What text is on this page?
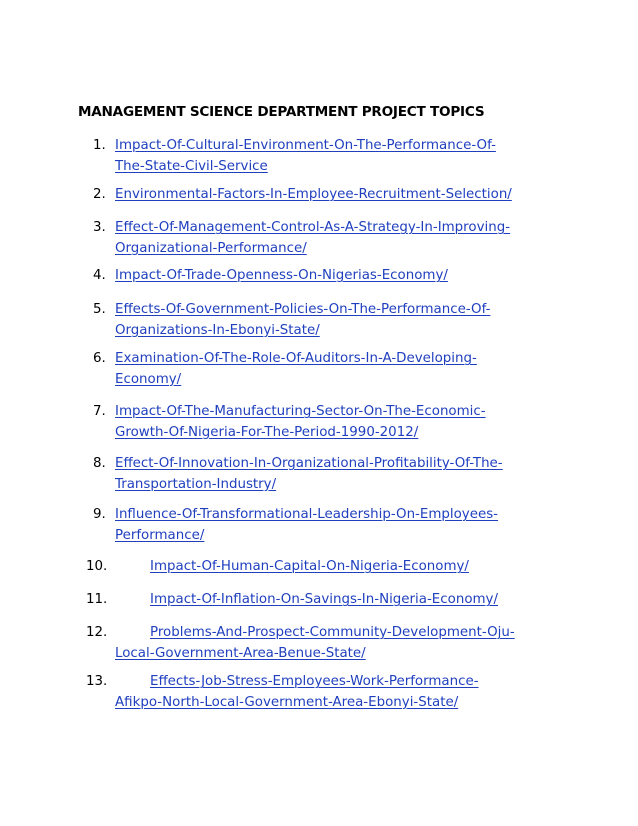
MANAGEMENT SCIENCE DEPARTMENT PROJECT TOPICS
1. Impact-Of-Cultural-Environment-On-The-Performance-Of-
The-State-Civil-Service
2. Environmental-Factors-In-Employee-Recruitment-Selection/
3. Effect-Of-Management-Control-As-A-Strategy-In-Improving-
Organizational-Performance/
4. Impact-Of-Trade-Openness-On-Nigerias-Economy/
5. Effects-Of-Government-Policies-On-The-Performance-Of-
Organizations-In-Ebonyi-State/
6. Examination-Of-The-Role-Of-Auditors-In-A-Developing-
Economy/
7. Impact-Of-The-Manufacturing-Sector-On-The-Economic-
Growth-Of-Nigeria-For-The-Period-1990-2012/
8. Effect-Of-Innovation-In-Organizational-Profitability-Of-The-
Transportation-Industry/
9. Influence-Of-Transformational-Leadership-On-Employees-
Performance/
10.	Impact-Of-Human-Capital-On-Nigeria-Economy/
11.	Impact-Of-Inflation-On-Savings-In-Nigeria-Economy/
12.	Problems-And-Prospect-Community-Development-Oju-
Local-Government-Area-Benue-State/
13.	Effects-Job-Stress-Employees-Work-Performance-
Afikpo-North-Local-Government-Area-Ebonyi-State/
